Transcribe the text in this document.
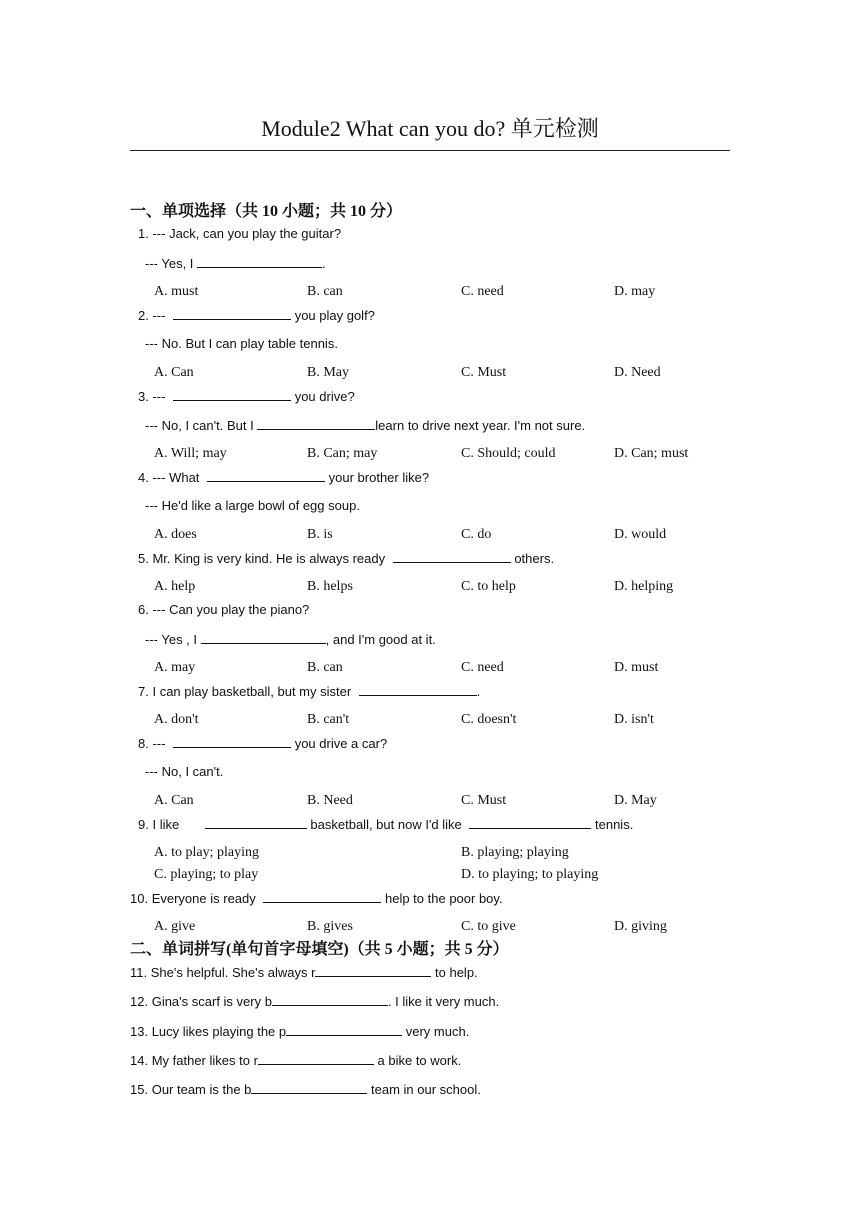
Module2 What can you do? 单元检测
一、单项选择（共 10 小题；共 10 分）
1. --- Jack, can you play the guitar?
--- Yes, I	.
A. must	B. can	C. need	D. may
2. ---	you play golf?
--- No. But I can play table tennis.
A. Can	B. May	C. Must	D. Need
3. ---	you drive?
--- No, I can't. But I	learn to drive next year. I'm not sure.
A. Will; may	B. Can; may	C. Should; could	D. Can; must
4. --- What	your brother like?
--- He'd like a large bowl of egg soup.
A. does	B. is	C. do	D. would
5. Mr. King is very kind. He is always ready	others.
A. help	B. helps	C. to help	D. helping
6. --- Can you play the piano?
--- Yes , I	, and I'm good at it.
A. may	B. can	C. need	D. must
7. I can play basketball, but my sister	.
A. don't	B. can't	C. doesn't	D. isn't
8. ---	you drive a car?
--- No, I can't.
A. Can	B. Need	C. Must	D. May
9. I like	basketball, but now I'd like	tennis.
A. to play; playing	B. playing; playing
C. playing; to play	D. to playing; to playing
10. Everyone is ready	help to the poor boy.
A. give	B. gives	C. to give	D. giving
二、单词拼写(单句首字母填空)（共 5 小题；共 5 分）
11. She's helpful. She's always r	to help.
12. Gina's scarf is very b	. I like it very much.
13. Lucy likes playing the p	very much.
14. My father likes to r	a bike to work.
15. Our team is the b	team in our school.
